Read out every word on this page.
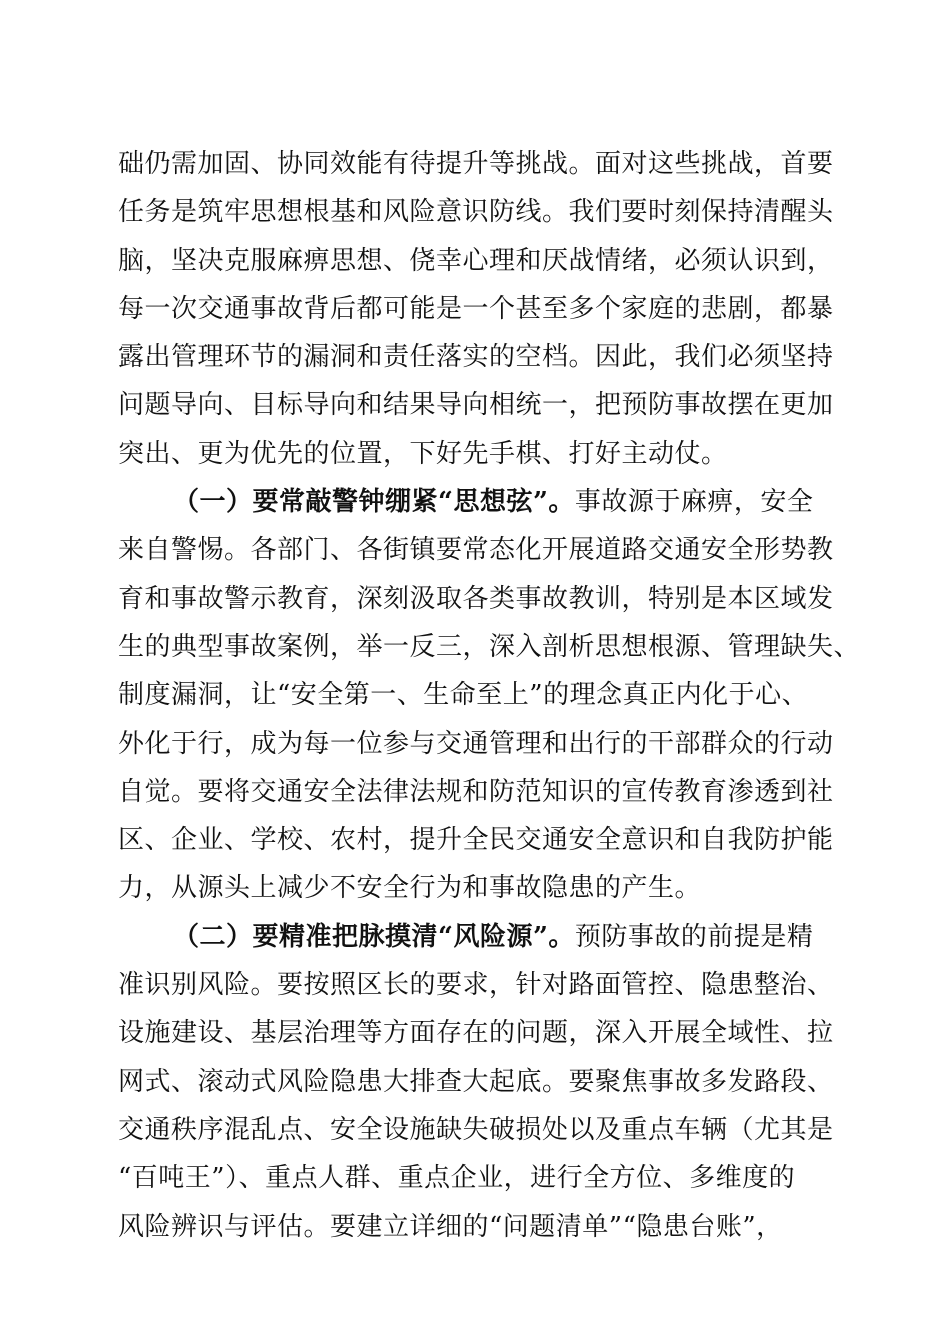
础仍需加固、协同效能有待提升等挑战。面对这些挑战，首要
任务是筑牢思想根基和风险意识防线。我们要时刻保持清醒头
脑，坚决克服麻痹思想、侥幸心理和厌战情绪，必须认识到，
每一次交通事故背后都可能是一个甚至多个家庭的悲剧，都暴
露出管理环节的漏洞和责任落实的空档。因此，我们必须坚持
问题导向、目标导向和结果导向相统一，把预防事故摆在更加
突出、更为优先的位置，下好先手棋、打好主动仗。
（一）要常敲警钟绷紧“思想弦”。事故源于麻痹，安全
来自警惕。各部门、各街镇要常态化开展道路交通安全形势教
育和事故警示教育，深刻汲取各类事故教训，特别是本区域发
生的典型事故案例，举一反三，深入剖析思想根源、管理缺失、
制度漏洞，让“安全第一、生命至上”的理念真正内化于心、
外化于行，成为每一位参与交通管理和出行的干部群众的行动
自觉。要将交通安全法律法规和防范知识的宣传教育渗透到社
区、企业、学校、农村，提升全民交通安全意识和自我防护能
力，从源头上减少不安全行为和事故隐患的产生。
（二）要精准把脉摸清“风险源”。预防事故的前提是精
准识别风险。要按照区长的要求，针对路面管控、隐患整治、
设施建设、基层治理等方面存在的问题，深入开展全域性、拉
网式、滚动式风险隐患大排查大起底。要聚焦事故多发路段、
交通秩序混乱点、安全设施缺失破损处以及重点车辆（尤其是
“百吨王”）、重点人群、重点企业，进行全方位、多维度的
风险辨识与评估。要建立详细的“问题清单”“隐患台账”，
